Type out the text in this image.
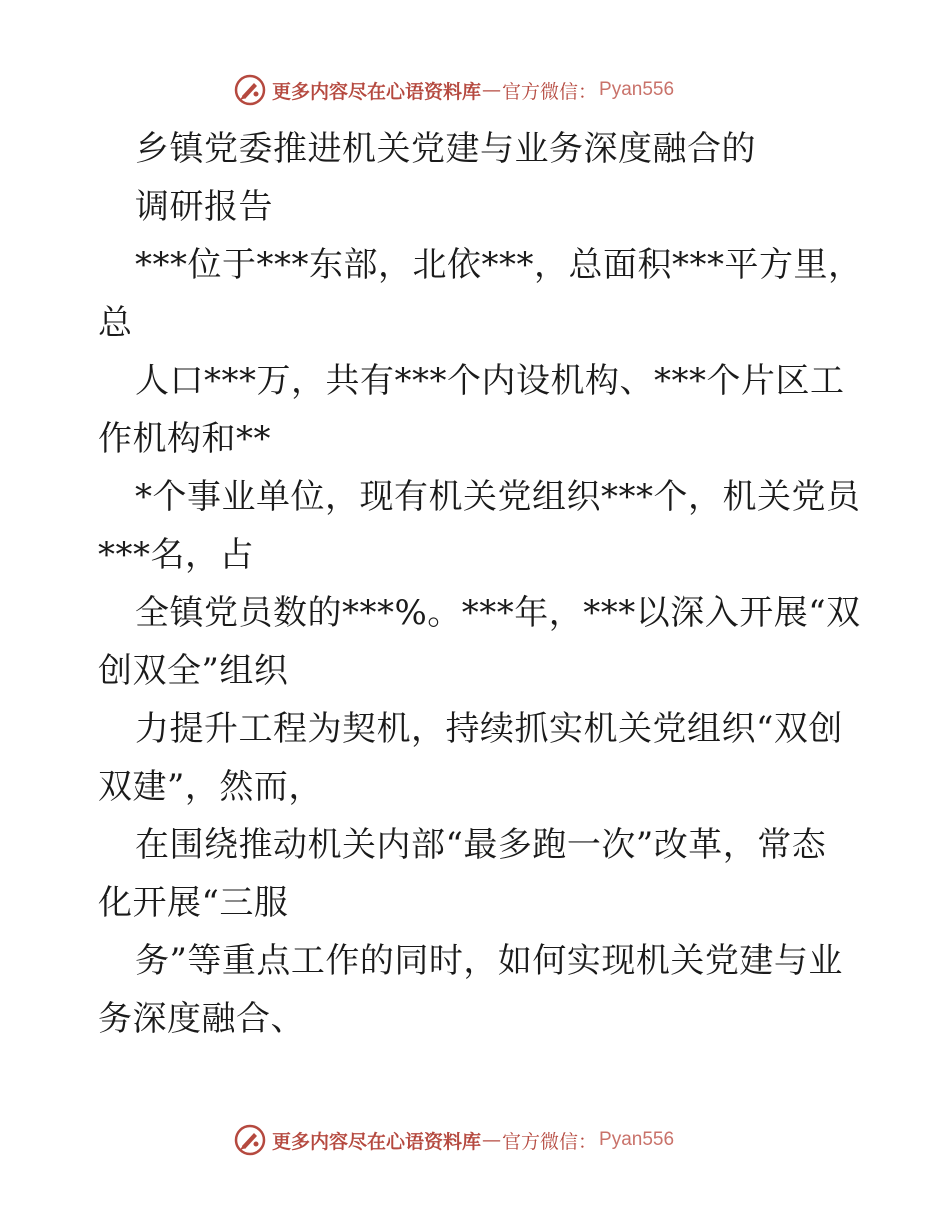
更多内容尽在心语资料库 — 官方微信： Pyan556
乡镇党委推进机关党建与业务深度融合的
调研报告
***位于***东部，北依***，总面积***平方里，
总
人口***万，共有***个内设机构、***个片区工
作机构和**
*个事业单位，现有机关党组织***个，机关党员
***名，占
全镇党员数的***%。***年，***以深入开展“双
创双全”组织
力提升工程为契机，持续抓实机关党组织“双创
双建”，然而，
在围绕推动机关内部“最多跑一次”改革，常态
化开展“三服
务”等重点工作的同时，如何实现机关党建与业
务深度融合、
更多内容尽在心语资料库 — 官方微信： Pyan556
